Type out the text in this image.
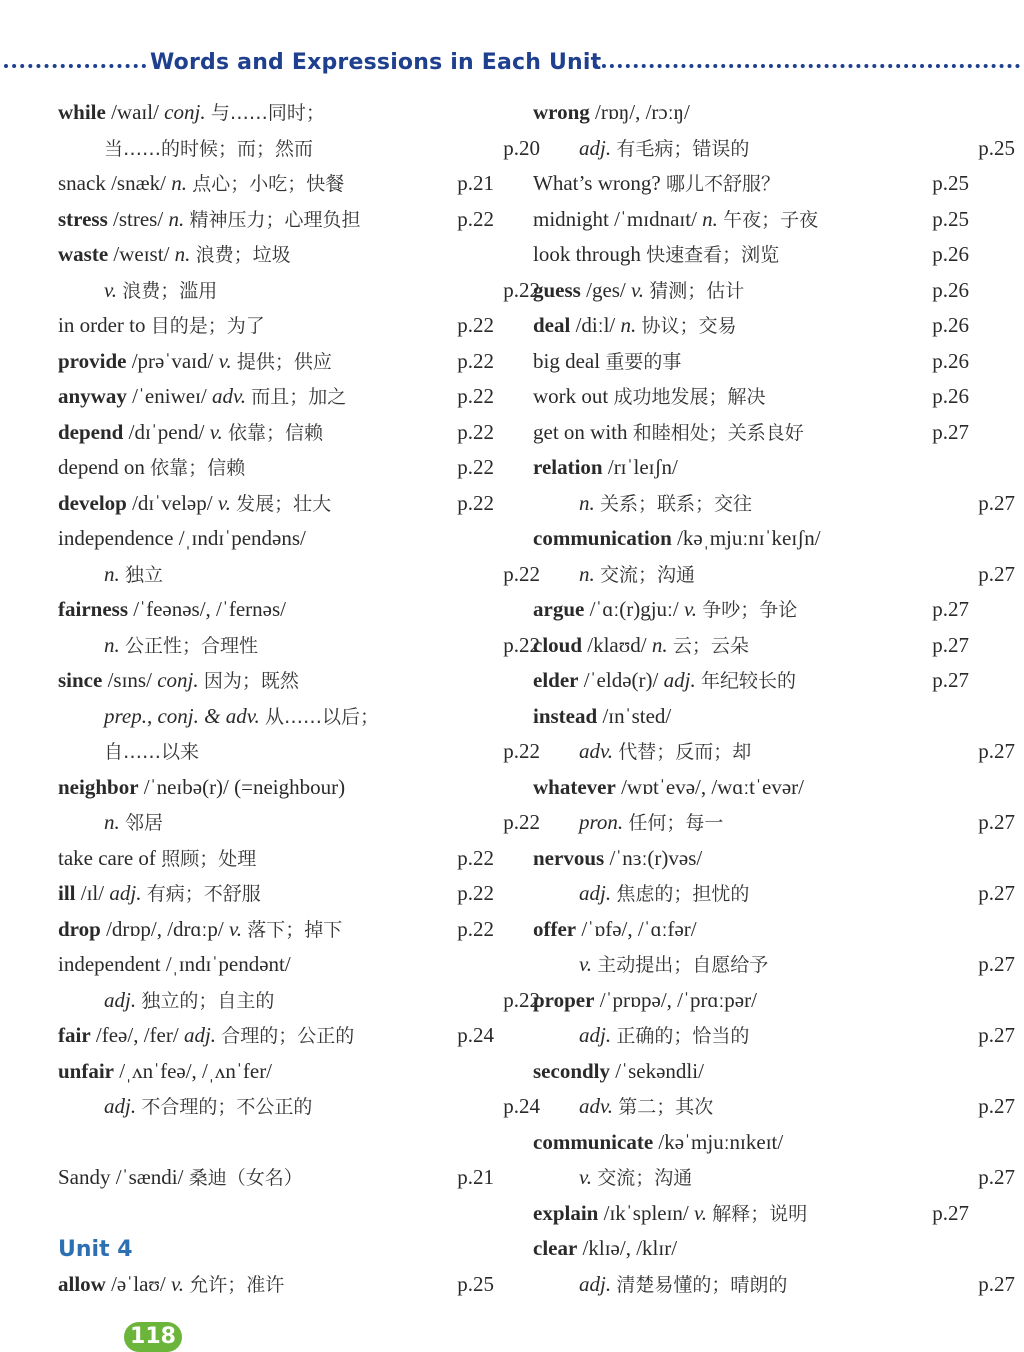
Words and Expressions in Each Unit
while /waɪl/ conj. 与……同时；
当……的时候；而；然而	p.20
snack /snæk/ n. 点心；小吃；快餐	p.21
stress /stres/ n. 精神压力；心理负担	p.22
waste /weɪst/ n. 浪费；垃圾
v. 浪费；滥用	p.22
in order to 目的是；为了	p.22
provide /prəˈvaɪd/ v. 提供；供应	p.22
anyway /ˈeniweɪ/ adv. 而且；加之	p.22
depend /dɪˈpend/ v. 依靠；信赖	p.22
depend on 依靠；信赖	p.22
develop /dɪˈveləp/ v. 发展；壮大	p.22
independence /ˌɪndɪˈpendəns/
n. 独立	p.22
fairness /ˈfeənəs/, /ˈfernəs/
n. 公正性；合理性	p.22
since /sɪns/ conj. 因为；既然
prep., conj. & adv. 从……以后；
自……以来	p.22
neighbor /ˈneɪbə(r)/ (=neighbour)
n. 邻居	p.22
take care of 照顾；处理	p.22
ill /ɪl/ adj. 有病；不舒服	p.22
drop /drɒp/, /drɑːp/ v. 落下；掉下	p.22
independent /ˌɪndɪˈpendənt/
adj. 独立的；自主的	p.22
fair /feə/, /fer/ adj. 合理的；公正的	p.24
unfair /ˌʌnˈfeə/, /ˌʌnˈfer/
adj. 不合理的；不公正的	p.24
Sandy /ˈsændi/ 桑迪（女名）	p.21
allow /əˈlaʊ/ v. 允许；准许	p.25
wrong /rɒŋ/, /rɔːŋ/
adj. 有毛病；错误的	p.25
What’s wrong? 哪儿不舒服？	p.25
midnight /ˈmɪdnaɪt/ n. 午夜；子夜	p.25
look through 快速查看；浏览	p.26
guess /ges/ v. 猜测；估计	p.26
deal /diːl/ n. 协议；交易	p.26
big deal 重要的事	p.26
work out 成功地发展；解决	p.26
get on with 和睦相处；关系良好	p.27
relation /rɪˈleɪʃn/
n. 关系；联系；交往	p.27
communication /kəˌmjuːnɪˈkeɪʃn/
n. 交流；沟通	p.27
argue /ˈɑː(r)gjuː/ v. 争吵；争论	p.27
cloud /klaʊd/ n. 云；云朵	p.27
elder /ˈeldə(r)/ adj. 年纪较长的	p.27
instead /ɪnˈsted/
adv. 代替；反而；却	p.27
whatever /wɒtˈevə/, /wɑːtˈevər/
pron. 任何；每一	p.27
nervous /ˈnɜː(r)vəs/
adj. 焦虑的；担忧的	p.27
offer /ˈɒfə/, /ˈɑːfər/
v. 主动提出；自愿给予	p.27
proper /ˈprɒpə/, /ˈprɑːpər/
adj. 正确的；恰当的	p.27
secondly /ˈsekəndli/
adv. 第二；其次	p.27
communicate /kəˈmjuːnɪkeɪt/
v. 交流；沟通	p.27
explain /ɪkˈspleɪn/ v. 解释；说明	p.27
clear /klɪə/, /klɪr/
adj. 清楚易懂的；晴朗的	p.27
Unit 4
118
